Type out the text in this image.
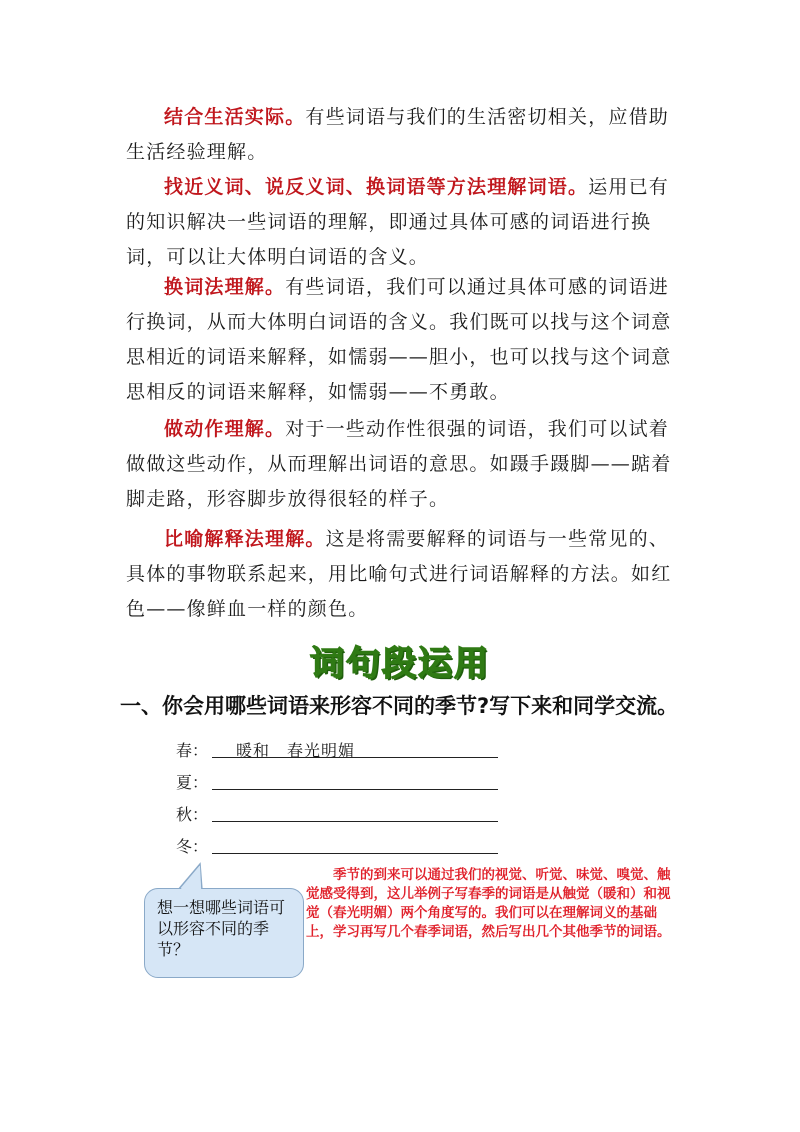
结合生活实际。有些词语与我们的生活密切相关，应借助生活经验理解。

找近义词、说反义词、换词语等方法理解词语。运用已有的知识解决一些词语的理解，即通过具体可感的词语进行换词，可以让大体明白词语的含义。

换词法理解。有些词语，我们可以通过具体可感的词语进行换词，从而大体明白词语的含义。我们既可以找与这个词意思相近的词语来解释，如懦弱——胆小，也可以找与这个词意思相反的词语来解释，如懦弱——不勇敢。

做动作理解。对于一些动作性很强的词语，我们可以试着做做这些动作，从而理解出词语的意思。如蹑手蹑脚——踮着脚走路，形容脚步放得很轻的样子。

比喻解释法理解。这是将需要解释的词语与一些常见的、具体的事物联系起来，用比喻句式进行词语解释的方法。如红色——像鲜血一样的颜色。

词句段运用
一、你会用哪些词语来形容不同的季节?写下来和同学交流。
春： 暖和　春光明媚
夏：
秋：
冬：
想一想哪些词语可以形容不同的季节？

季节的到来可以通过我们的视觉、听觉、味觉、嗅觉、触觉感受得到，这儿举例子写春季的词语是从触觉（暖和）和视觉（春光明媚）两个角度写的。我们可以在理解词义的基础上，学习再写几个春季词语，然后写出几个其他季节的词语。
